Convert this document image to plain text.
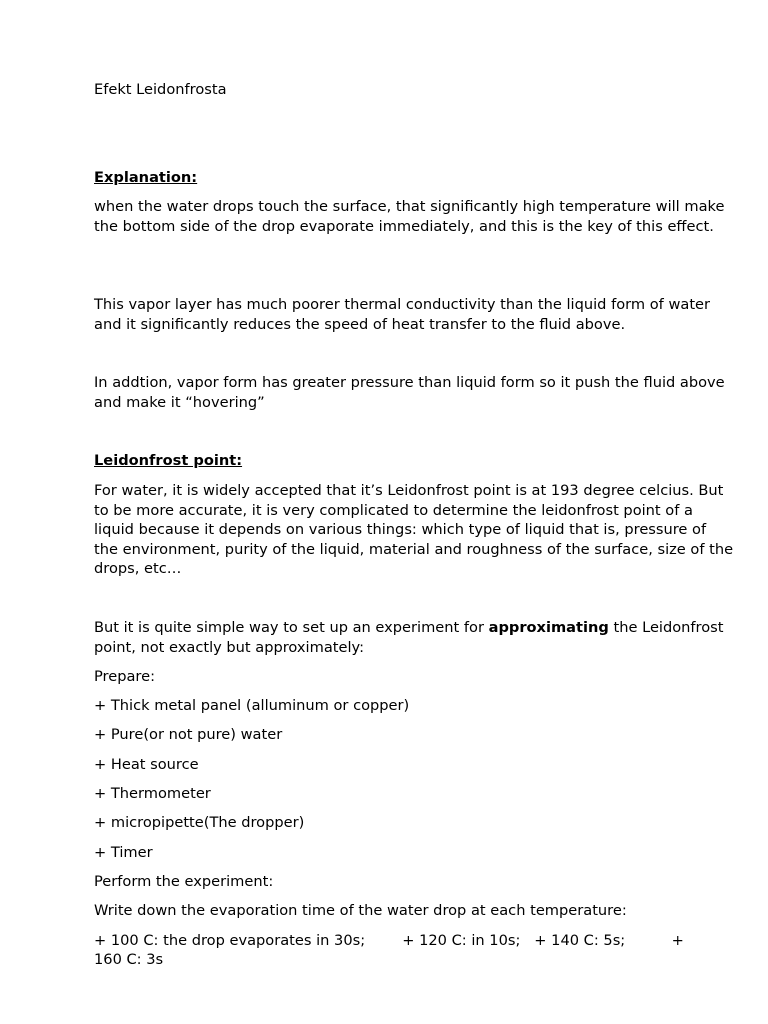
Efekt Leidonfrosta

Explanation:

when the water drops touch the surface, that significantly high temperature will make the bottom side of the drop evaporate immediately, and this is the key of this effect.

This vapor layer has much poorer thermal conductivity than the liquid form of water and it significantly reduces the speed of heat transfer to the fluid above.

In addtion, vapor form has greater pressure than liquid form so it push the fluid above and make it “hovering”

Leidonfrost point:

For water, it is widely accepted that it’s Leidonfrost point is at 193 degree celcius. But to be more accurate, it is very complicated to determine the leidonfrost point of a liquid because it depends on various things: which type of liquid that is, pressure of the environment, purity of the liquid, material and roughness of the surface, size of the drops, etc…

But it is quite simple way to set up an experiment for approximating the Leidonfrost point, not exactly but approximately:

Prepare:

+ Thick metal panel (alluminum or copper)

+ Pure(or not pure) water

+ Heat source

+ Thermometer

+ micropipette(The dropper)

+ Timer

Perform the experiment:

Write down the evaporation time of the water drop at each temperature:

+ 100 C: the drop evaporates in 30s;        + 120 C: in 10s;   + 140 C: 5s;          +

160 C: 3s
